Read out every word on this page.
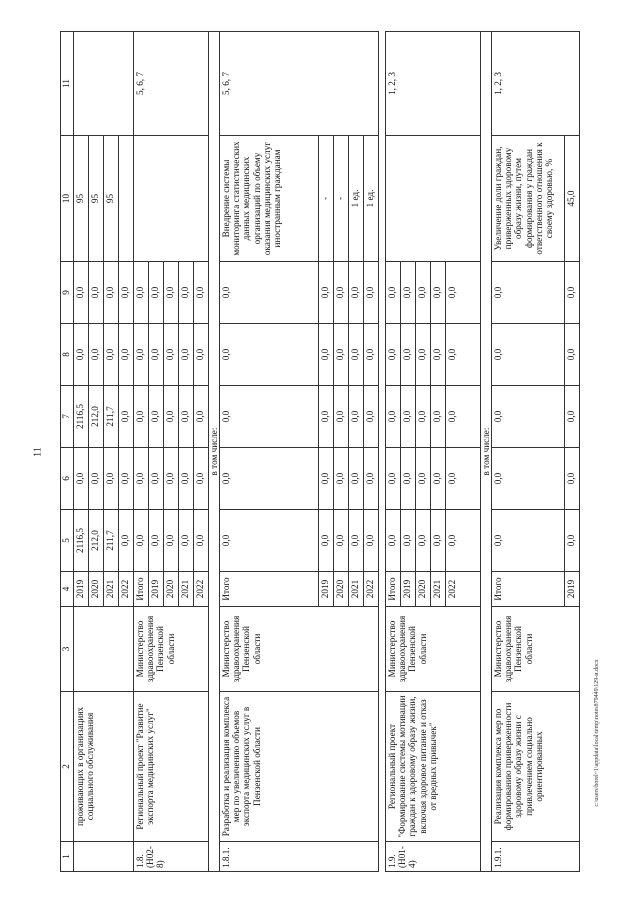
11
c:\users\borel~1\appdata\local\temp\notes879449\129-и.docx
1	2	3	4	5	6	7	8	9	10	11
	проживающих в организациях социального обслуживания		2019	2116,5	0,0	2116,5	0,0	0,0	95	
			2020	212,0	0,0	212,0	0,0	0,0	95	
			2021	211,7	0,0	211,7	0,0	0,0	95	
			2022	0,0	0,0	0,0	0,0	0,0		
1.8. (Н02-8)	Региональный проект "Развитие экспорта медицинских услуг"	Министерство здравоохранения Пензенской области	Итого	0,0	0,0	0,0	0,0	0,0		5, 6, 7
			2019	0,0	0,0	0,0	0,0	0,0		
			2020	0,0	0,0	0,0	0,0	0,0		
			2021	0,0	0,0	0,0	0,0	0,0		
			2022	0,0	0,0	0,0	0,0	0,0		
в том числе:										
1.8.1.	Разработка и реализация комплекса мер по увеличению объемов экспорта медицинских услуг в Пензенской области	Министерство здравоохранения Пензенской области	Итого	0,0	0,0	0,0	0,0	0,0	Внедрение системы мониторинга статистических данных медицинских организаций по объему оказания медицинских услуг иностранным гражданам	5, 6, 7
			2019	0,0	0,0	0,0	0,0	0,0	-	
			2020	0,0	0,0	0,0	0,0	0,0	-	
			2021	0,0	0,0	0,0	0,0	0,0	1 ед.	
			2022	0,0	0,0	0,0	0,0	0,0	1 ед.	

1.9. (Н01-4)	Региональный проект "Формирование системы мотивации граждан к здоровому образу жизни, включая здоровое питание и отказ от вредных привычек"	Министерство здравоохранения Пензенской области	Итого	0,0	0,0	0,0	0,0	0,0		1, 2, 3
			2019	0,0	0,0	0,0	0,0	0,0		
			2020	0,0	0,0	0,0	0,0	0,0		
			2021	0,0	0,0	0,0	0,0	0,0		
			2022	0,0	0,0	0,0	0,0	0,0		
в том числе:										
1.9.1.	Реализация комплекса мер по формированию приверженности здоровому образу жизни с привлечением социально ориентированных	Министерство здравоохранения Пензенской области	Итого	0,0	0,0	0,0	0,0	0,0	Увеличение доли граждан, приверженных здоровому образу жизни, путем формирования у граждан ответственного отношения к своему здоровью, %	1, 2, 3
			2019	0,0	0,0	0,0	0,0	0,0	45,0	
